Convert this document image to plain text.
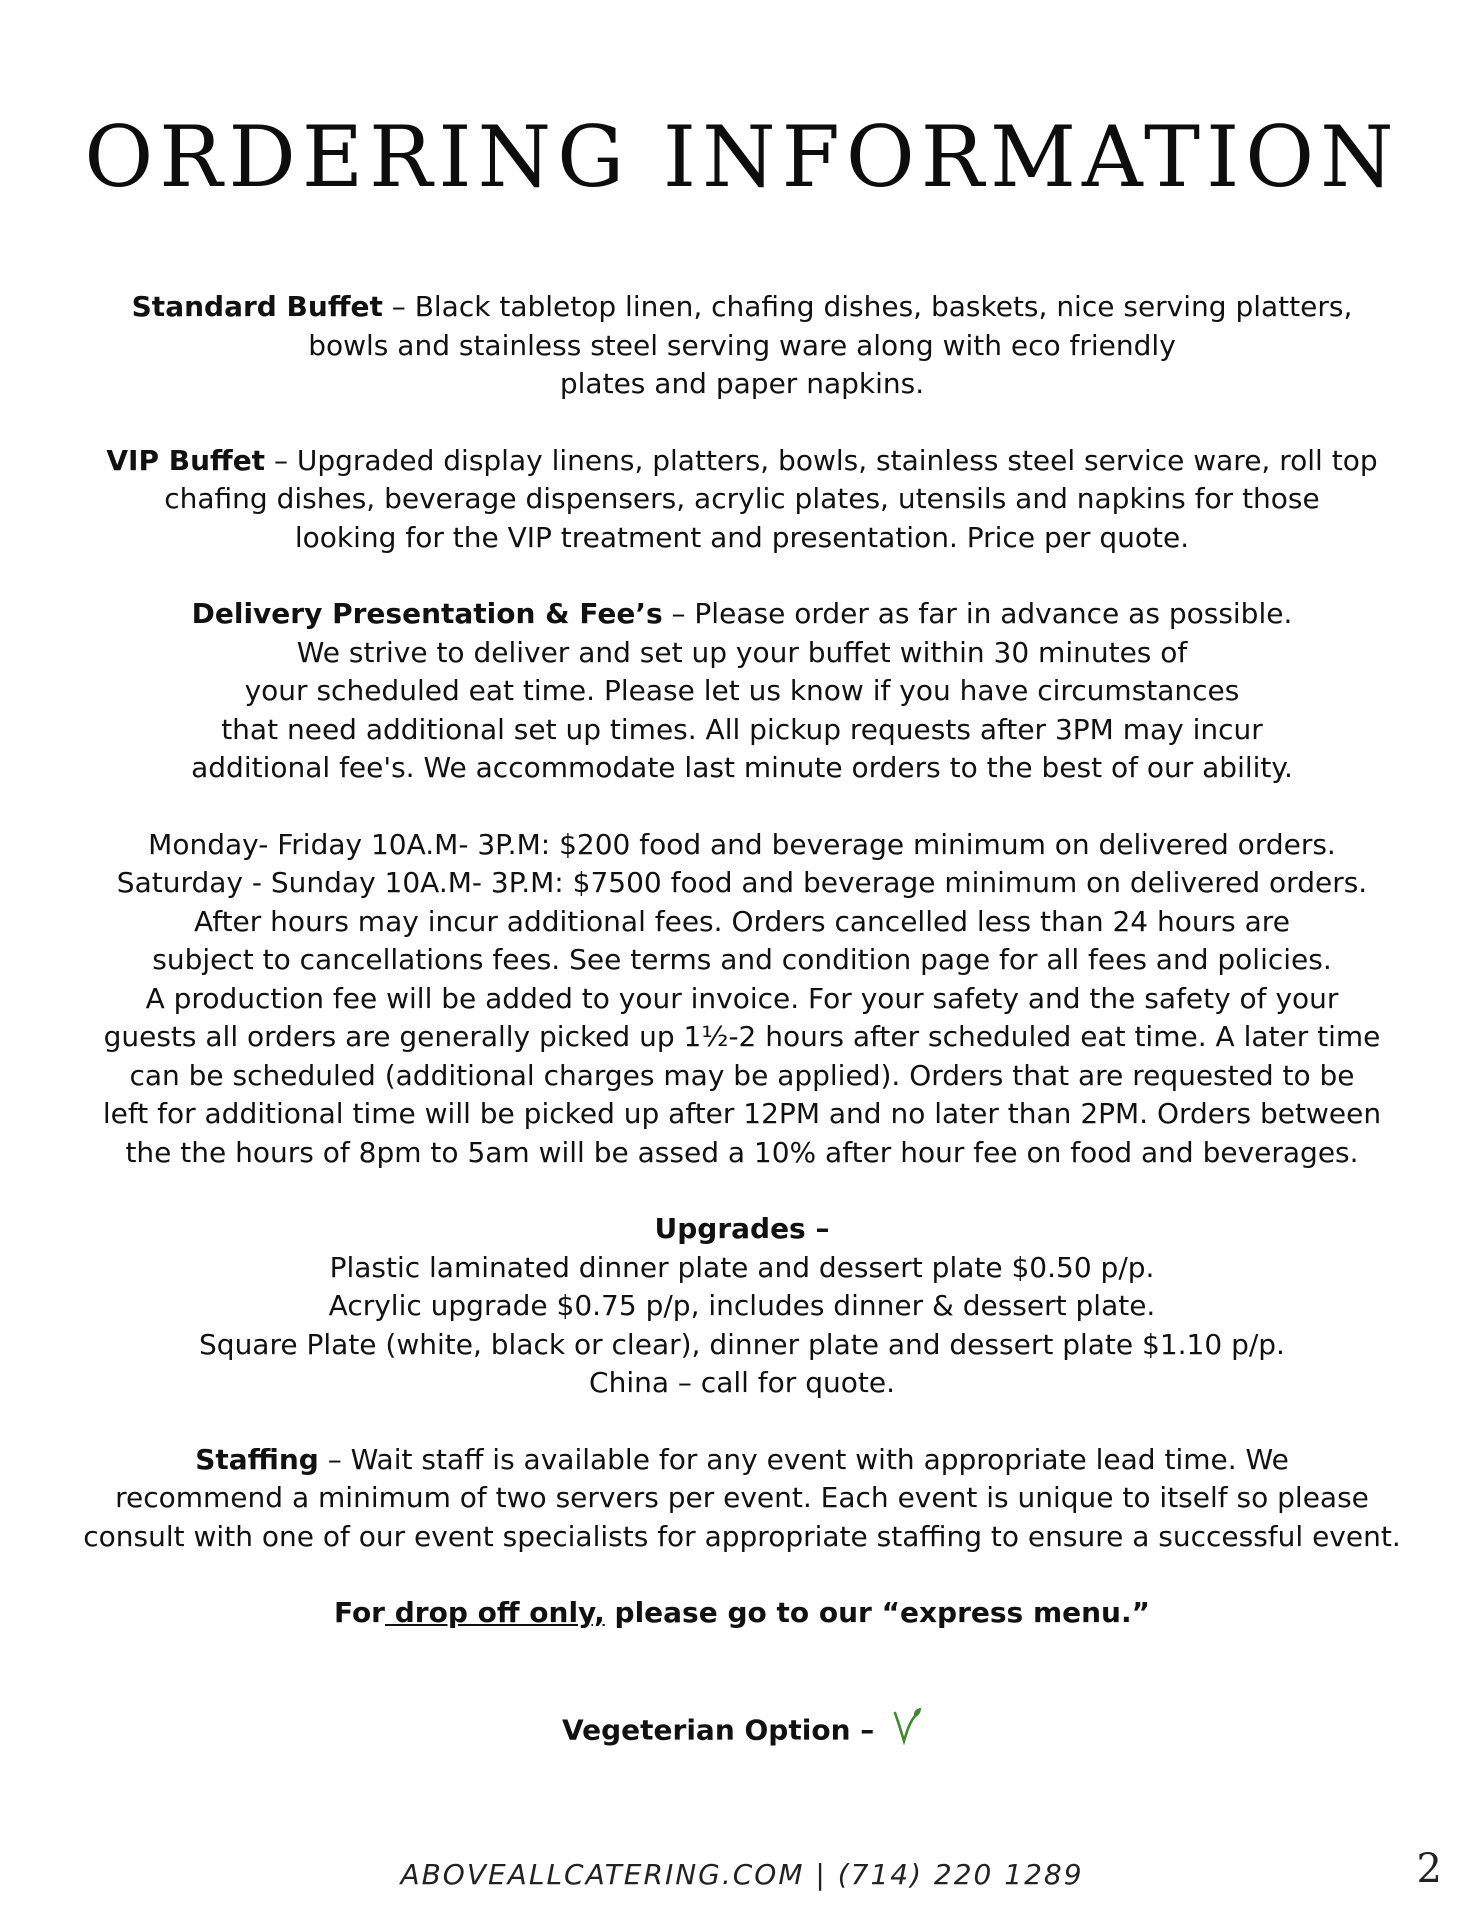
ORDERING INFORMATION

Standard Buffet – Black tabletop linen, chafing dishes, baskets, nice serving platters,
bowls and stainless steel serving ware along with eco friendly
plates and paper napkins.

VIP Buffet – Upgraded display linens, platters, bowls, stainless steel service ware, roll top
chafing dishes, beverage dispensers, acrylic plates, utensils and napkins for those
looking for the VIP treatment and presentation. Price per quote.

Delivery Presentation & Fee’s – Please order as far in advance as possible.
We strive to deliver and set up your buffet within 30 minutes of
your scheduled eat time. Please let us know if you have circumstances
that need additional set up times. All pickup requests after 3PM may incur
additional fee's. We accommodate last minute orders to the best of our ability.

Monday- Friday 10A.M- 3P.M: $200 food and beverage minimum on delivered orders.
Saturday - Sunday 10A.M- 3P.M: $7500 food and beverage minimum on delivered orders.
After hours may incur additional fees. Orders cancelled less than 24 hours are
subject to cancellations fees. See terms and condition page for all fees and policies.
A production fee will be added to your invoice. For your safety and the safety of your
guests all orders are generally picked up 1½-2 hours after scheduled eat time. A later time
can be scheduled (additional charges may be applied). Orders that are requested to be
left for additional time will be picked up after 12PM and no later than 2PM. Orders between
the the hours of 8pm to 5am will be assed a 10% after hour fee on food and beverages.

Upgrades –
Plastic laminated dinner plate and dessert plate $0.50 p/p.
Acrylic upgrade $0.75 p/p, includes dinner & dessert plate.
Square Plate (white, black or clear), dinner plate and dessert plate $1.10 p/p.
China – call for quote.

Staffing – Wait staff is available for any event with appropriate lead time. We
recommend a minimum of two servers per event. Each event is unique to itself so please
consult with one of our event specialists for appropriate staffing to ensure a successful event.

For drop off only, please go to our “express menu.”

Vegeterian Option –

ABOVEALLCATERING.COM | (714) 220 1289	2
